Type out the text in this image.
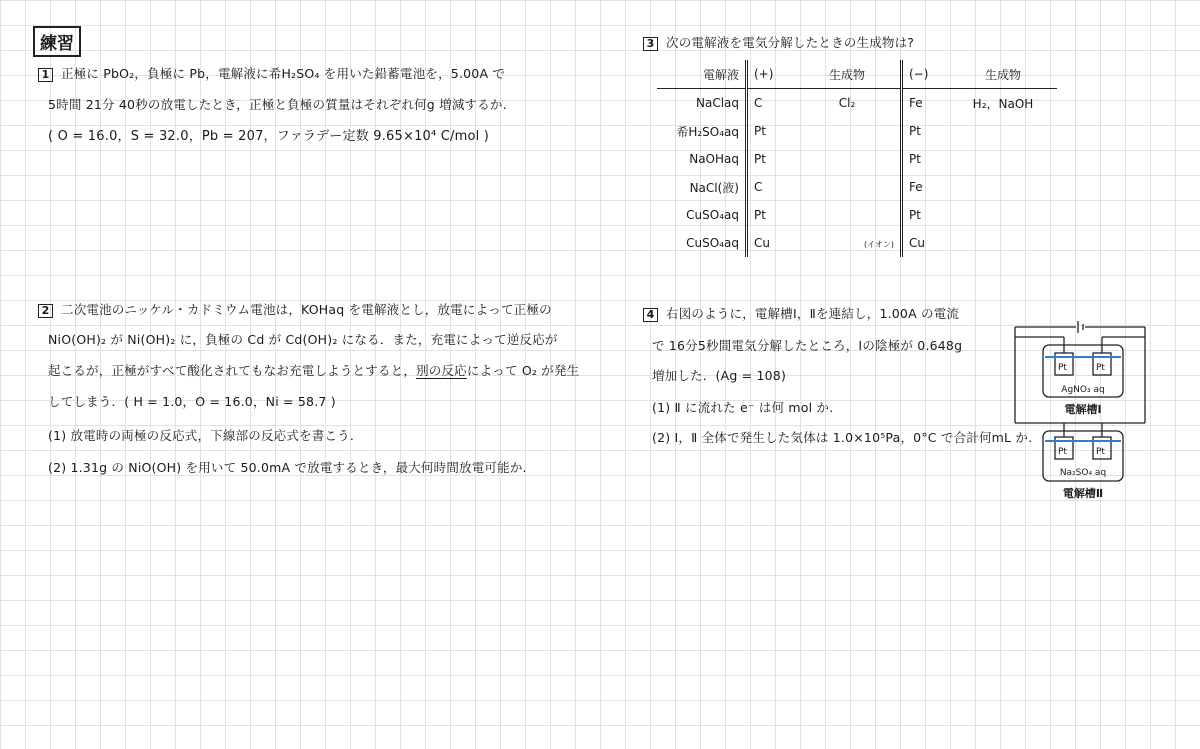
練習
1 正極に PbO₂，負極に Pb，電解液に希H₂SO₄ を用いた鉛蓄電池を，5.00A で
5時間 21分 40秒の放電したとき，正極と負極の質量はそれぞれ何g 増減するか.
( O = 16.0，S = 32.0，Pb = 207，ファラデー定数 9.65×10⁴ C/mol )
2 二次電池のニッケル・カドミウム電池は，KOHaq を電解液とし，放電によって正極の
NiO(OH)₂ が Ni(OH)₂ に，負極の Cd が Cd(OH)₂ になる．また，充電によって逆反応が
起こるが，正極がすべて酸化されてもなお充電しようとすると，別の反応によって O₂ が発生
してしまう．( H = 1.0，O = 16.0，Ni = 58.7 )
(1) 放電時の両極の反応式，下線部の反応式を書こう.
(2) 1.31g の NiO(OH) を用いて 50.0mA で放電するとき，最大何時間放電可能か.
3 次の電解液を電気分解したときの生成物は?
電解液	(+)	生成物	(−)	生成物
NaClaq	C	Cl₂	Fe	H₂，NaOH
希H₂SO₄aq	Pt		Pt	
NaOHaq	Pt		Pt	
NaCl(液)	C		Fe	
CuSO₄aq	Pt		Pt	
CuSO₄aq	Cu	(イオン)	Cu	
4 右図のように，電解槽Ⅰ，Ⅱを連結し，1.00A の電流
で 16分5秒間電気分解したところ，Ⅰの陰極が 0.648g
増加した．(Ag = 108)
(1) Ⅱ に流れた e⁻ は何 mol か.
(2) Ⅰ，Ⅱ 全体で発生した気体は 1.0×10⁵Pa，0°C で合計何mL か.
Pt	Pt
AgNO₃ aq
電解槽Ⅰ
Pt	Pt
Na₂SO₄ aq
電解槽Ⅱ
